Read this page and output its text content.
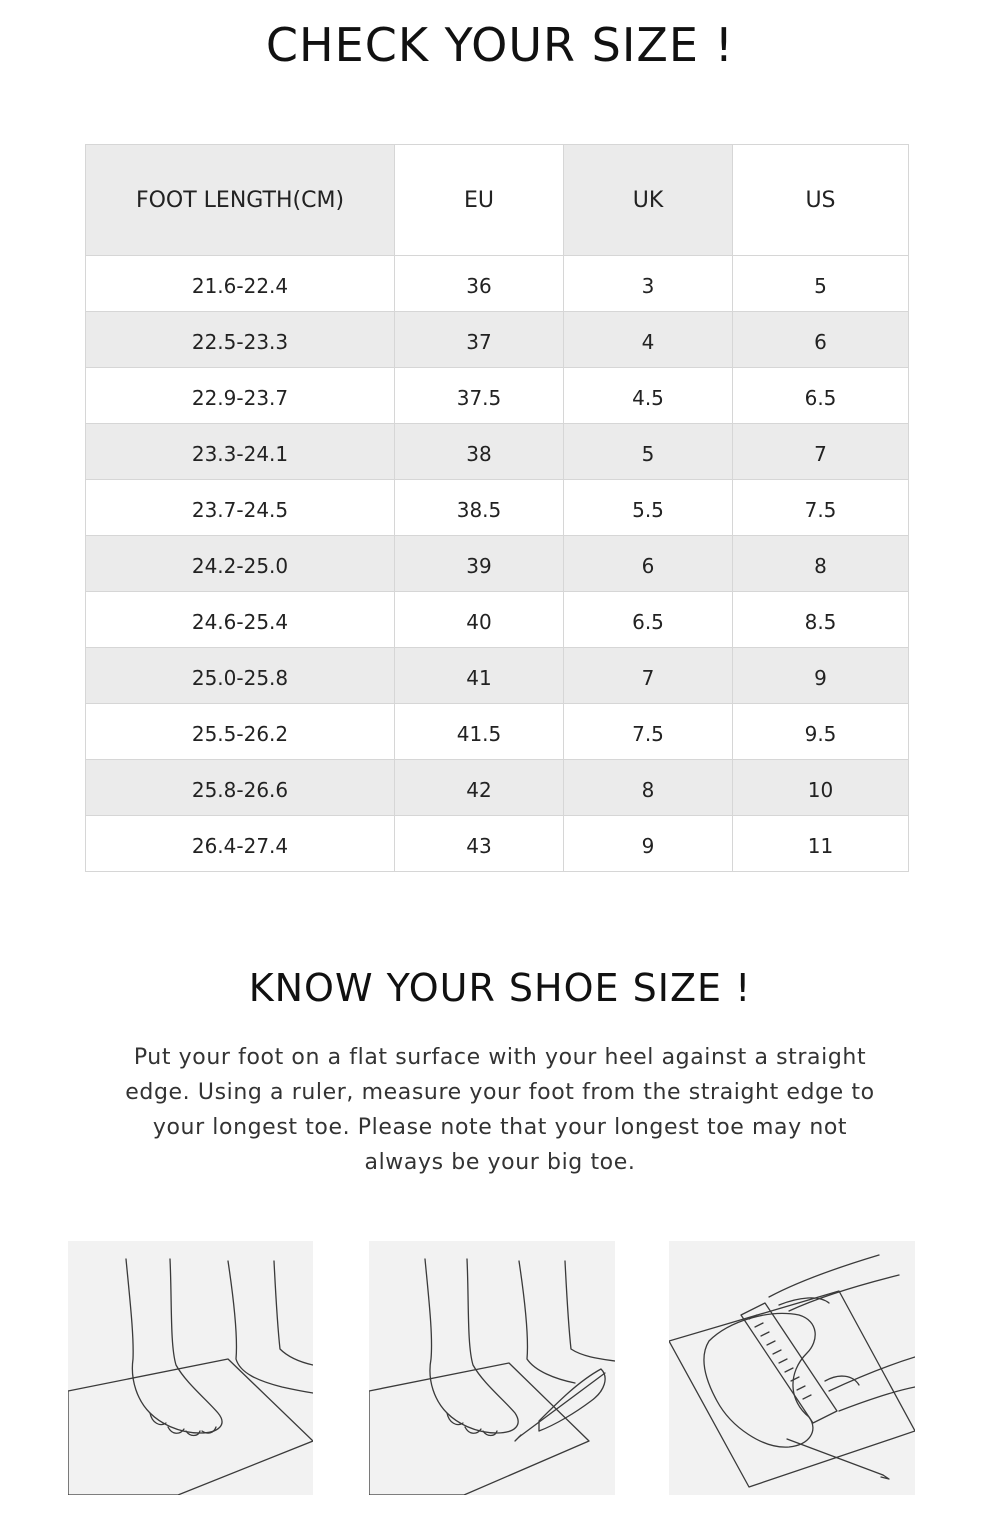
CHECK YOUR SIZE !
FOOT LENGTH(CM)	EU	UK	US
21.6-22.4	36	3	5
22.5-23.3	37	4	6
22.9-23.7	37.5	4.5	6.5
23.3-24.1	38	5	7
23.7-24.5	38.5	5.5	7.5
24.2-25.0	39	6	8
24.6-25.4	40	6.5	8.5
25.0-25.8	41	7	9
25.5-26.2	41.5	7.5	9.5
25.8-26.6	42	8	10
26.4-27.4	43	9	11
KNOW YOUR SHOE SIZE !

Put your foot on a flat surface with your heel against a straight edge. Using a ruler, measure your foot from the straight edge to your longest toe. Please note that your longest toe may not always be your big toe.
